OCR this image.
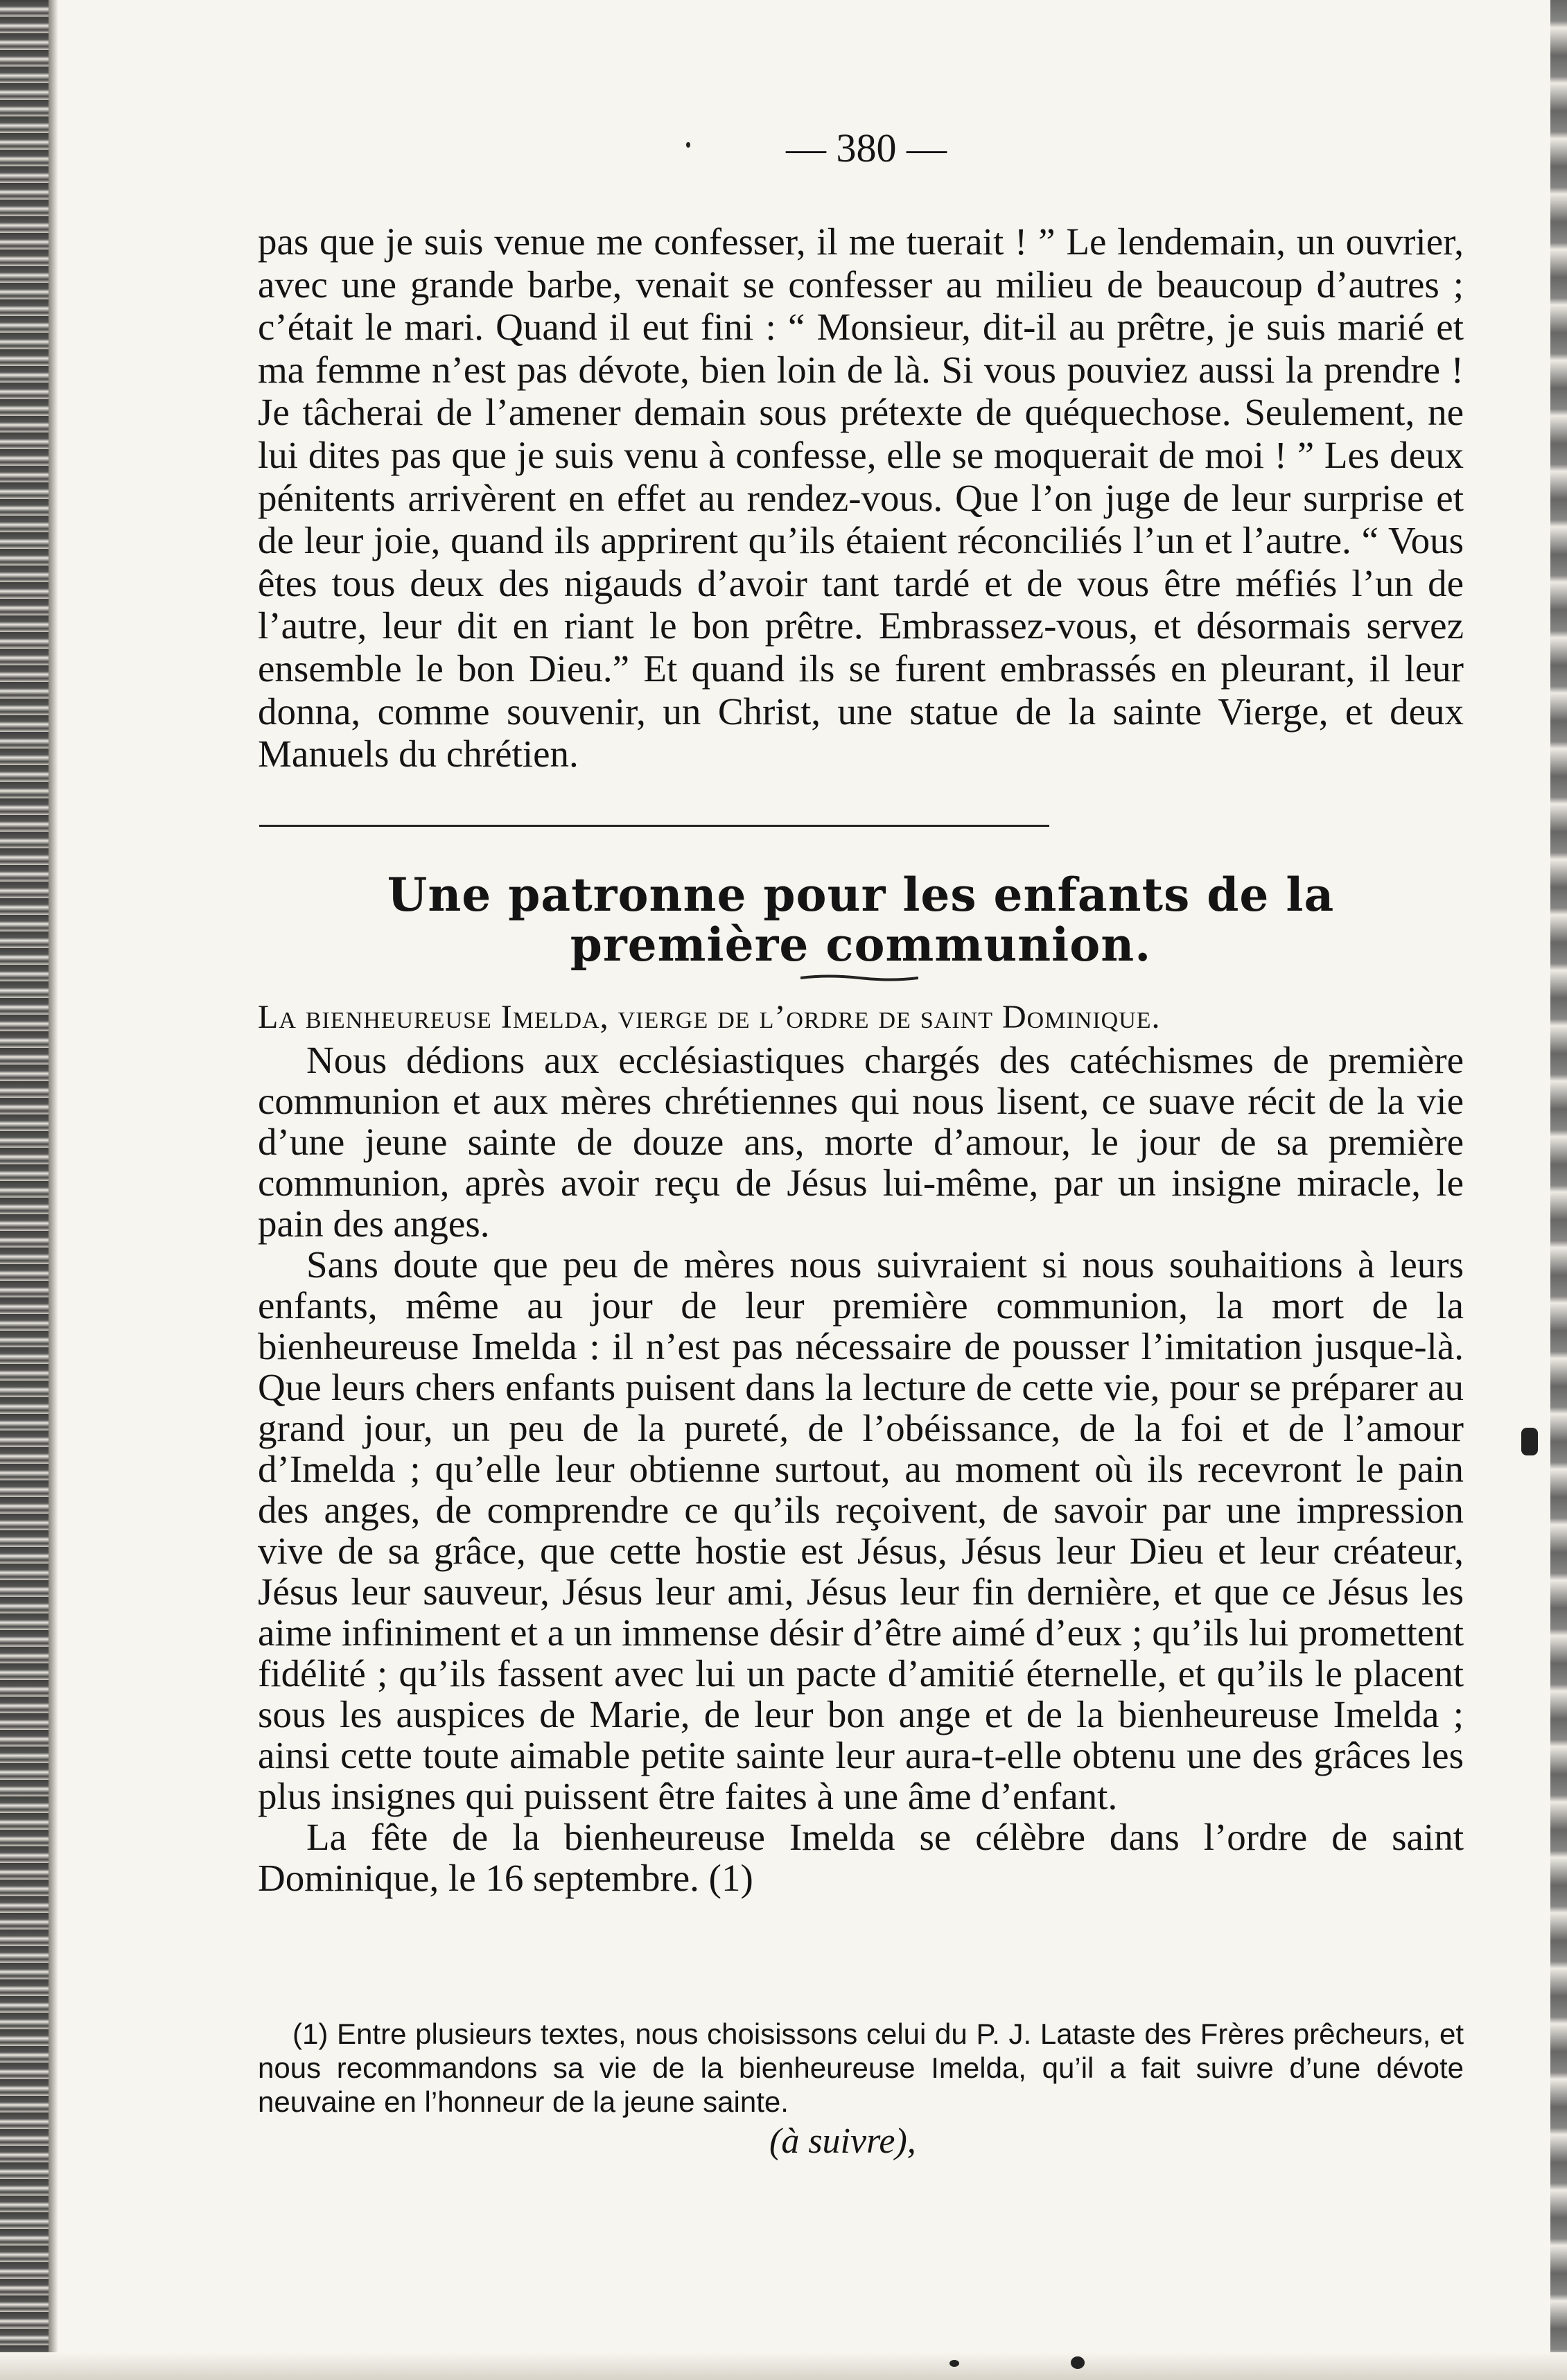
— 380 —

pas que je suis venue me confesser, il me tuerait ! ” Le lendemain, un ouvrier, avec une grande barbe, venait se confesser au milieu de beaucoup d’autres ; c’était le mari. Quand il eut fini : “ Monsieur, dit-il au prêtre, je suis marié et ma femme n’est pas dévote, bien loin de là. Si vous pouviez aussi la prendre ! Je tâcherai de l’amener demain sous prétexte de quéquechose. Seulement, ne lui dites pas que je suis venu à confesse, elle se moquerait de moi ! ” Les deux pénitents arrivèrent en effet au rendez-vous. Que l’on juge de leur surprise et de leur joie, quand ils apprirent qu’ils étaient réconciliés l’un et l’autre. “ Vous êtes tous deux des nigauds d’avoir tant tardé et de vous être méfiés l’un de l’autre, leur dit en riant le bon prêtre. Embrassez-vous, et désormais servez ensemble le bon Dieu.” Et quand ils se furent embrassés en pleurant, il leur donna, comme souvenir, un Christ, une statue de la sainte Vierge, et deux Manuels du chrétien.

Une patronne pour les enfants de la
première communion.
La bienheureuse Imelda, vierge de l’ordre de saint Dominique.

Nous dédions aux ecclésiastiques chargés des catéchismes de première communion et aux mères chrétiennes qui nous lisent, ce suave récit de la vie d’une jeune sainte de douze ans, morte d’amour, le jour de sa première communion, après avoir reçu de Jésus lui-même, par un insigne miracle, le pain des anges.

Sans doute que peu de mères nous suivraient si nous souhaitions à leurs enfants, même au jour de leur première communion, la mort de la bienheureuse Imelda : il n’est pas nécessaire de pousser l’imitation jusque-là. Que leurs chers enfants puisent dans la lecture de cette vie, pour se préparer au grand jour, un peu de la pureté, de l’obéissance, de la foi et de l’amour d’Imelda ; qu’elle leur obtienne surtout, au moment où ils recevront le pain des anges, de comprendre ce qu’ils reçoivent, de savoir par une impression vive de sa grâce, que cette hostie est Jésus, Jésus leur Dieu et leur créateur, Jésus leur sauveur, Jésus leur ami, Jésus leur fin dernière, et que ce Jésus les aime infiniment et a un immense désir d’être aimé d’eux ; qu’ils lui promettent fidélité ; qu’ils fassent avec lui un pacte d’amitié éternelle, et qu’ils le placent sous les auspices de Marie, de leur bon ange et de la bienheureuse Imelda ; ainsi cette toute aimable petite sainte leur aura-t-elle obtenu une des grâces les plus insignes qui puissent être faites à une âme d’enfant.

La fête de la bienheureuse Imelda se célèbre dans l’ordre de saint Dominique, le 16 septembre. (1)

(1) Entre plusieurs textes, nous choisissons celui du P. J. Lataste des Frères prêcheurs, et nous recommandons sa vie de la bienheureuse Imelda, qu’il a fait suivre d’une dévote neuvaine en l’honneur de la jeune sainte.

(à suivre),
